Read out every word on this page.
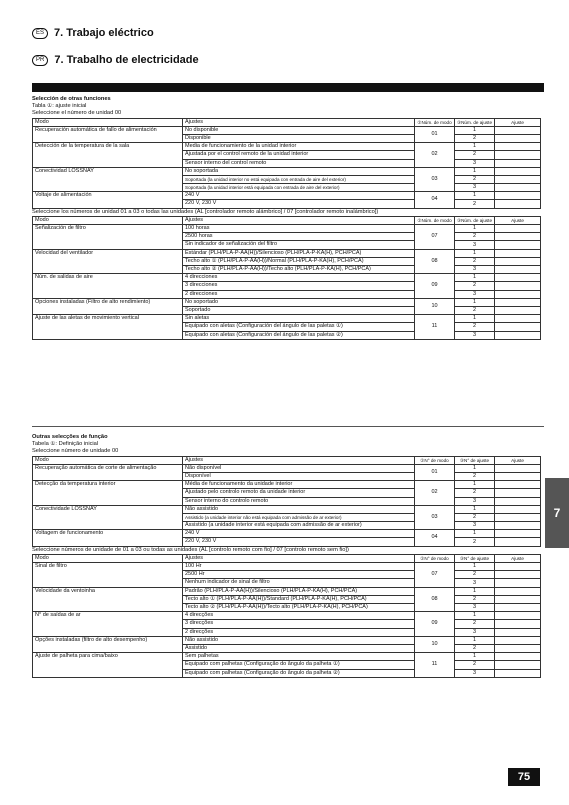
ES 7. Trabajo eléctrico
PR 7. Trabalho de electricidade
Selección de otras funciones
Tabla ①: ajuste inicial
Seleccione el número de unidad 00
Modo	Ajustes	②Núm. de modo	③Núm. de ajuste	Ajuste
Recuperación automática de fallo de alimentación	No disponible	01	1	
	Disponible		2	
Detección de la temperatura de la sala	Media de funcionamiento de la unidad interior	02	1	
	Ajustada por el control remoto de la unidad interior		2	
	Sensor interno del control remoto		3	
Conectividad LOSSNAY	No soportada	03	1	
	Soportada (la unidad interior no está equipada con entrada de aire del exterior)		2	
	Soportada (la unidad interior está equipada con entrada de aire del exterior)		3	
Voltaje de alimentación	240 V	04	1	
	220 V, 230 V		2	
Seleccione los números de unidad 01 a 03 o todas las unidades (AL [controlador remoto alámbrico] / 07 [controlador remoto inalámbrico])
Modo	Ajustes	②Núm. de modo	③Núm. de ajuste	Ajuste
Señalización de filtro	100 horas	07	1	
	2500 horas		2	
	Sin indicador de señalización del filtro		3	
Velocidad del ventilador	Estándar (PLH/PLA-P-AA(H))/Silencioso (PLH/PLA-P-KA(H), PCH/PCA)	08	1	
	Techo alto ① (PLH/PLA-P-AA(H))/Normal (PLH/PLA-P-KA(H), PCH/PCA)		2	
	Techo alto ② (PLH/PLA-P-AA(H))/Techo alto (PLH/PLA-P-KA(H), PCH/PCA)		3	
Núm. de salidas de aire	4 direcciones	09	1	
	3 direcciones		2	
	2 direcciones		3	
Opciones instaladas (Filtro de alto rendimiento)	No soportado	10	1	
	Soportado		2	
Ajuste de las aletas de movimiento vertical	Sin aletas	11	1	
	Equipado con aletas (Configuración del ángulo de las paletas ①)		2	
	Equipado con aletas (Configuración del ángulo de las paletas ②)		3	
Outras selecções de função
Tabela ①: Definição inicial
Seleccione número de unidade 00
Modo	Ajustes	②N° de modo	③N° de ajuste	Ajuste
Recuperação automática de corte de alimentação	Não disponível	01	1	
	Disponível		2	
Detecção da temperatura interior	Média de funcionamento da unidade interior	02	1	
	Ajustado pelo controlo remoto da unidade interior		2	
	Sensor interno do controlo remoto		3	
Conectividade LOSSNAY	Não assistido	03	1	
	Assistido (a unidade interior não está equipada com admissão de ar exterior)		2	
	Assistido (a unidade interior está equipada com admissão de ar exterior)		3	
Voltagem de funcionamento	240 V	04	1	
	220 V, 230 V		2	
Seleccione números de unidade de 01 a 03 ou todas as unidades (AL [controlo remoto com fio] / 07 [controlo remoto sem fio])
Modo	Ajustes	②N° de modo	③N° de ajuste	Ajuste
Sinal de filtro	100 Hr	07	1	
	2500 Hr		2	
	Nenhum indicador de sinal de filtro		3	
Velocidade da ventoinha	Padrão (PLH/PLA-P-AA(H))/Silencioso (PLH/PLA-P-KA(H), PCH/PCA)	08	1	
	Tecto alto ① (PLH/PLA-P-AA(H))/Standard (PLH/PLA-P-KA(H), PCH/PCA)		2	
	Tecto alto ② (PLH/PLA-P-AA(H))/Tecto alto (PLH/PLA-P-KA(H), PCH/PCA)		3	
N° de saídas de ar	4 direcções	09	1	
	3 direcções		2	
	2 direcções		3	
Opções instaladas (filtro de alto desempenho)	Não assistido	10	1	
	Assistido		2	
Ajuste de palheta para cima/baixo	Sem palhetas	11	1	
	Equipado com palhetas (Configuração do ângulo da palheta ①)		2	
	Equipado com palhetas (Configuração do ângulo da palheta ②)		3	
7
75
